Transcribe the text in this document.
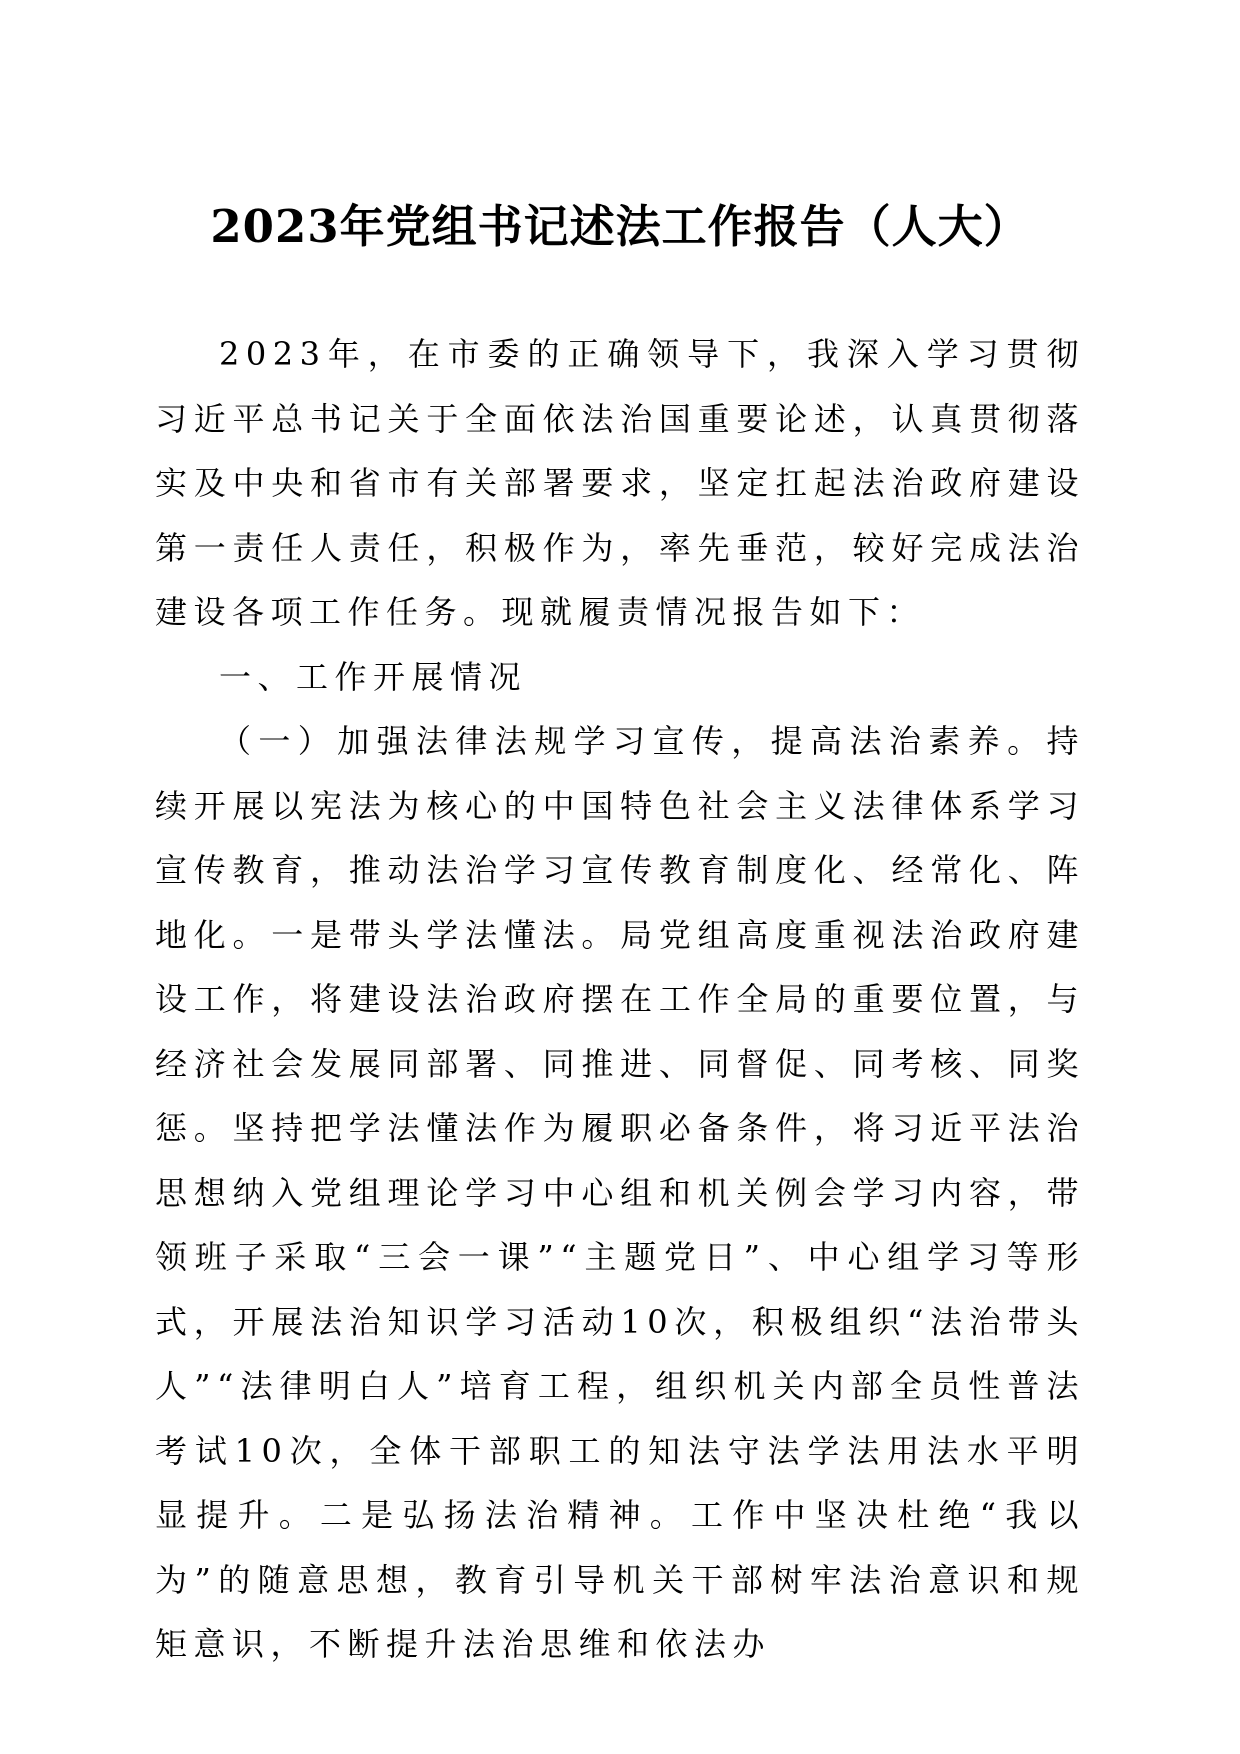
2023年党组书记述法工作报告（人大）

2023年，在市委的正确领导下，我深入学习贯彻习近平总书记关于全面依法治国重要论述，认真贯彻落实及中央和省市有关部署要求，坚定扛起法治政府建设第一责任人责任，积极作为，率先垂范，较好完成法治建设各项工作任务。现就履责情况报告如下：

一、工作开展情况

（一）加强法律法规学习宣传，提高法治素养。持续开展以宪法为核心的中国特色社会主义法律体系学习宣传教育，推动法治学习宣传教育制度化、经常化、阵地化。一是带头学法懂法。局党组高度重视法治政府建设工作，将建设法治政府摆在工作全局的重要位置，与经济社会发展同部署、同推进、同督促、同考核、同奖惩。坚持把学法懂法作为履职必备条件，将习近平法治思想纳入党组理论学习中心组和机关例会学习内容，带领班子采取“三会一课”“主题党日”、中心组学习等形式，开展法治知识学习活动10次，积极组织“法治带头人”“法律明白人”培育工程，组织机关内部全员性普法考试10次，全体干部职工的知法守法学法用法水平明显提升。二是弘扬法治精神。工作中坚决杜绝“我以为”的随意思想，教育引导机关干部树牢法治意识和规矩意识，不断提升法治思维和依法办
